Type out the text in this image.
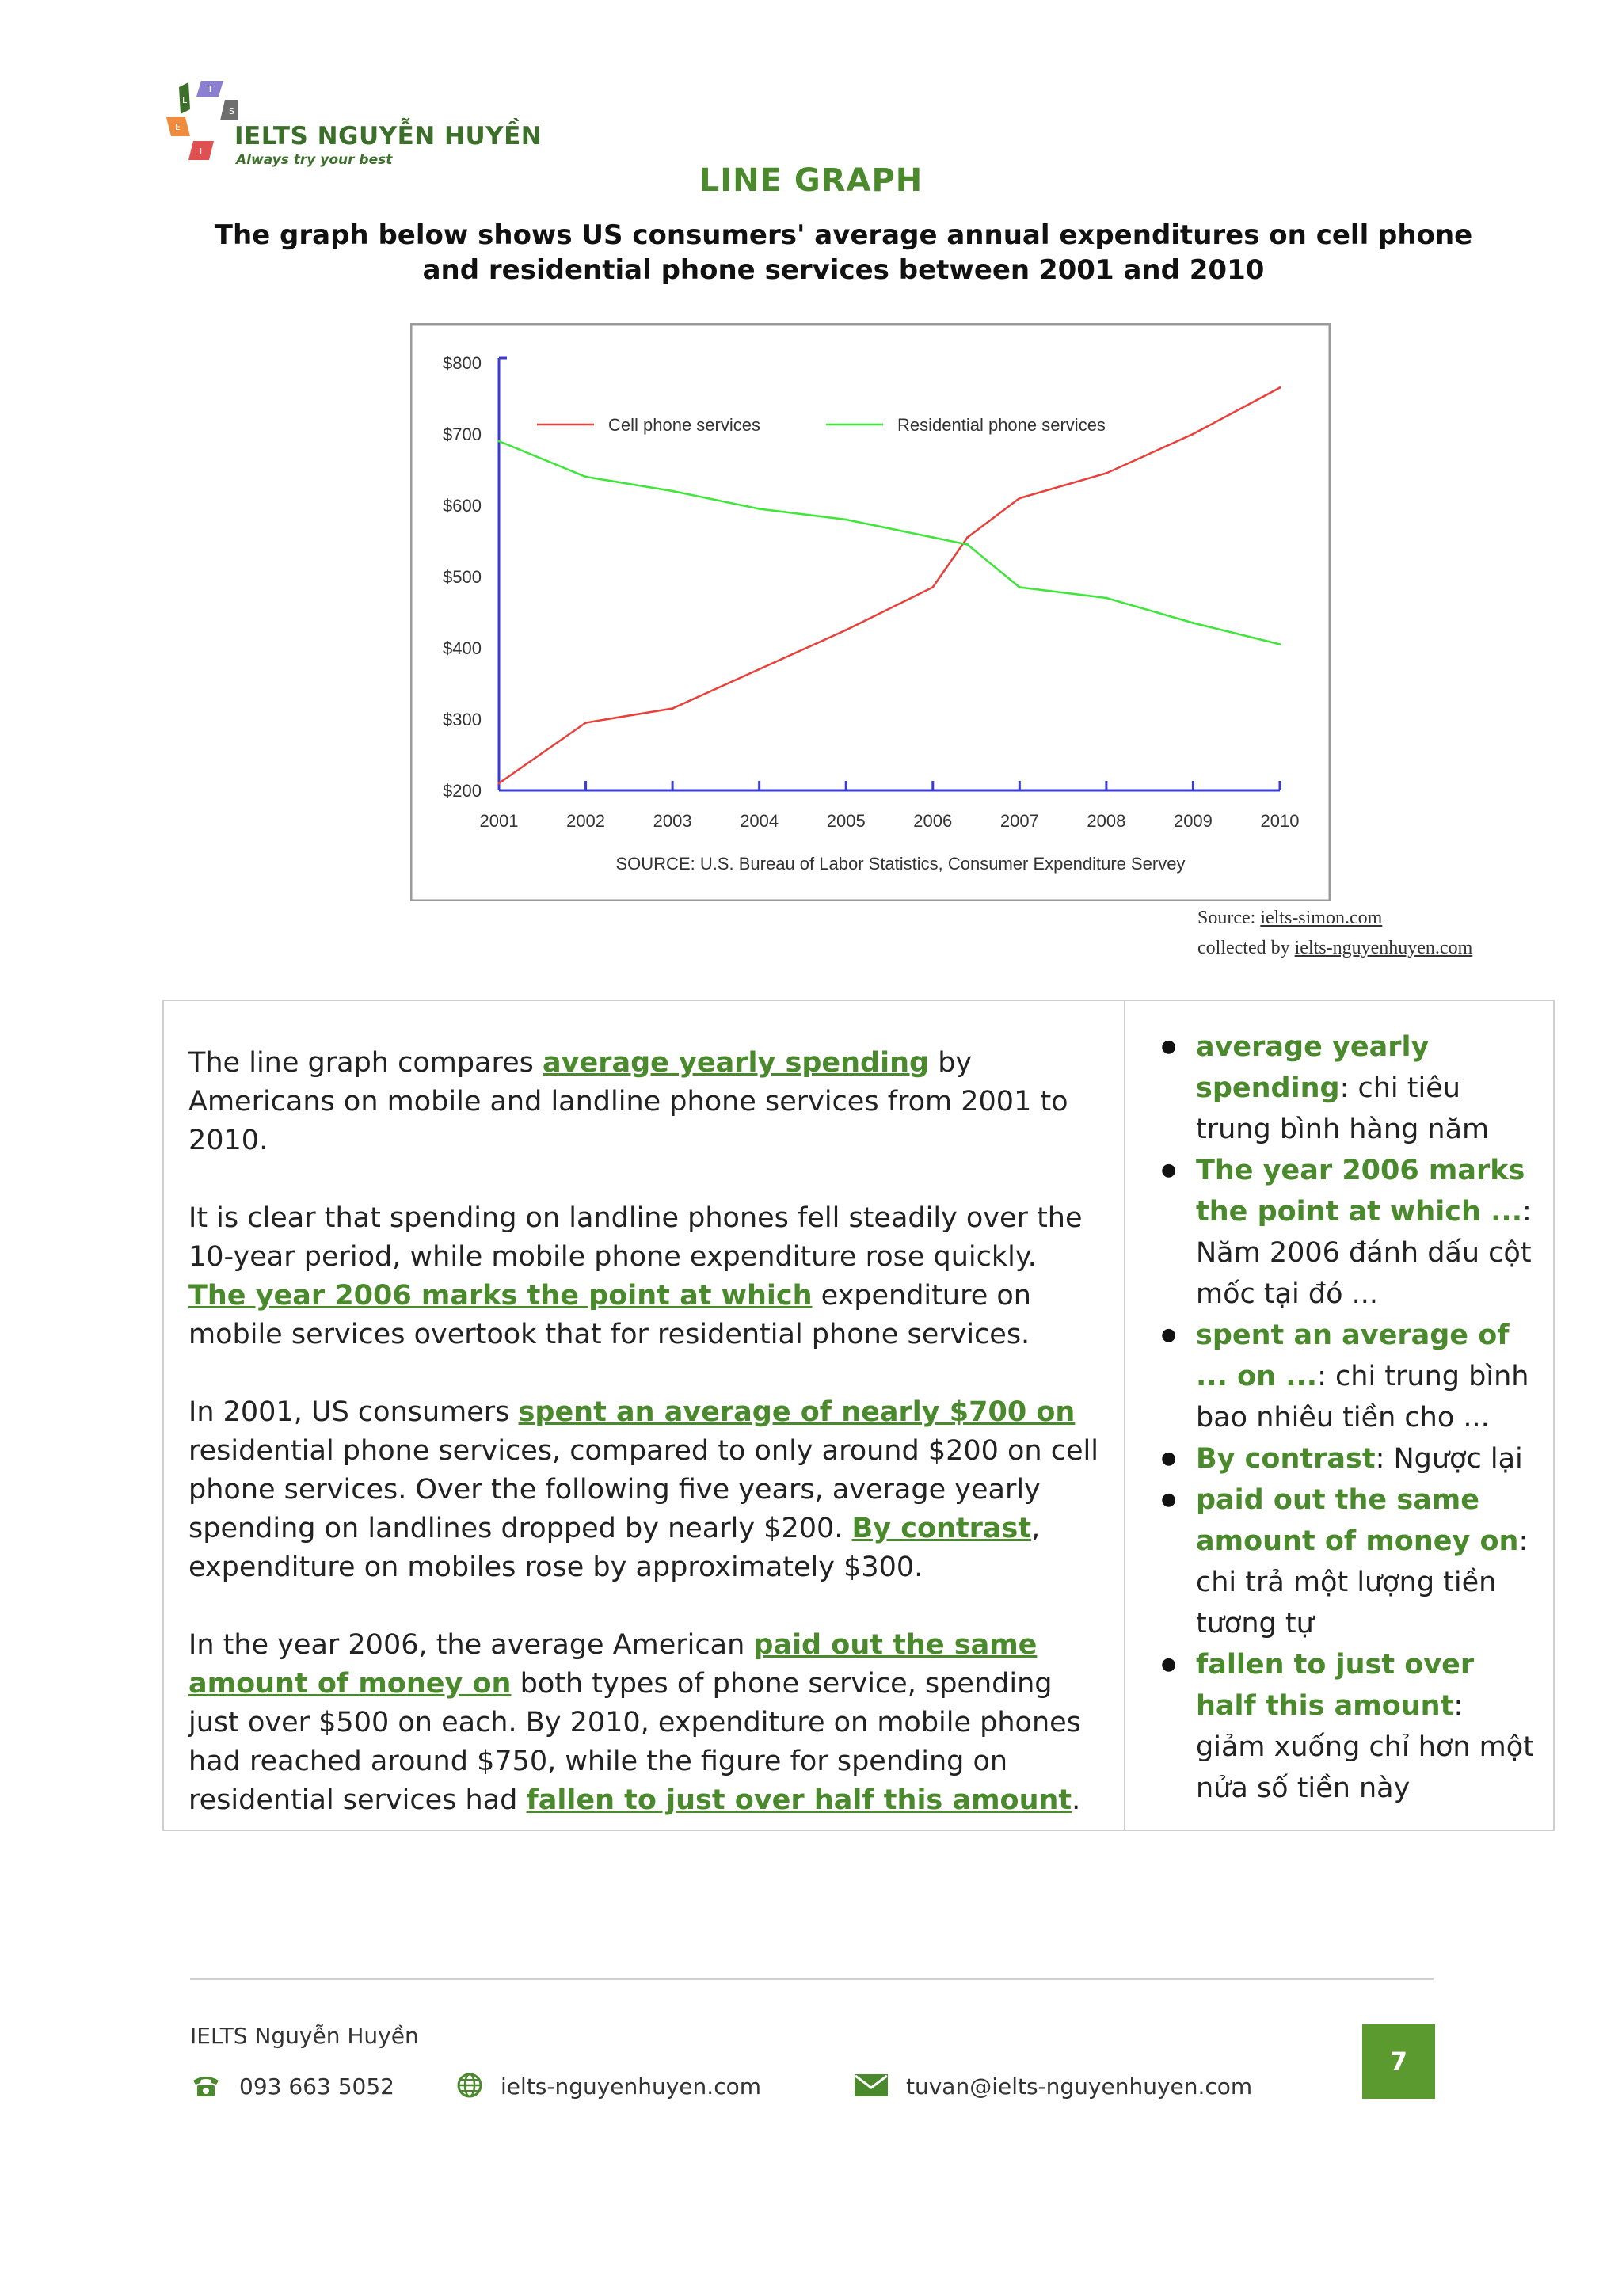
L
T
S
E
I
IELTS NGUYỄN HUYỀN
Always try your best
LINE GRAPH
The graph below shows US consumers' average annual expenditures on cell phone and residential phone services between 2001 and 2010
$800
$700
$600
$500
$400
$300
$200
2001	2002	2003	2004	2005	2006	2007	2008	2009	2010
Cell phone services	Residential phone services
SOURCE: U.S. Bureau of Labor Statistics, Consumer Expenditure Servey
Source: ielts-simon.com
collected by ielts-nguyenhuyen.com

The line graph compares average yearly spending by Americans on mobile and landline phone services from 2001 to 2010.

It is clear that spending on landline phones fell steadily over the 10-year period, while mobile phone expenditure rose quickly. The year 2006 marks the point at which expenditure on mobile services overtook that for residential phone services.

In 2001, US consumers spent an average of nearly $700 on residential phone services, compared to only around $200 on cell phone services. Over the following five years, average yearly spending on landlines dropped by nearly $200. By contrast, expenditure on mobiles rose by approximately $300.

In the year 2006, the average American paid out the same amount of money on both types of phone service, spending just over $500 on each. By 2010, expenditure on mobile phones had reached around $750, while the figure for spending on residential services had fallen to just over half this amount.

● average yearly spending: chi tiêu trung bình hàng năm
● The year 2006 marks the point at which ...: Năm 2006 đánh dấu cột mốc tại đó ...
● spent an average of ... on ...: chi trung bình bao nhiêu tiền cho ...
● By contrast: Ngược lại
● paid out the same amount of money on: chi trả một lượng tiền tương tự
● fallen to just over half this amount: giảm xuống chỉ hơn một nửa số tiền này
IELTS Nguyễn Huyền
093 663 5052	ielts-nguyenhuyen.com	tuvan@ielts-nguyenhuyen.com
7
